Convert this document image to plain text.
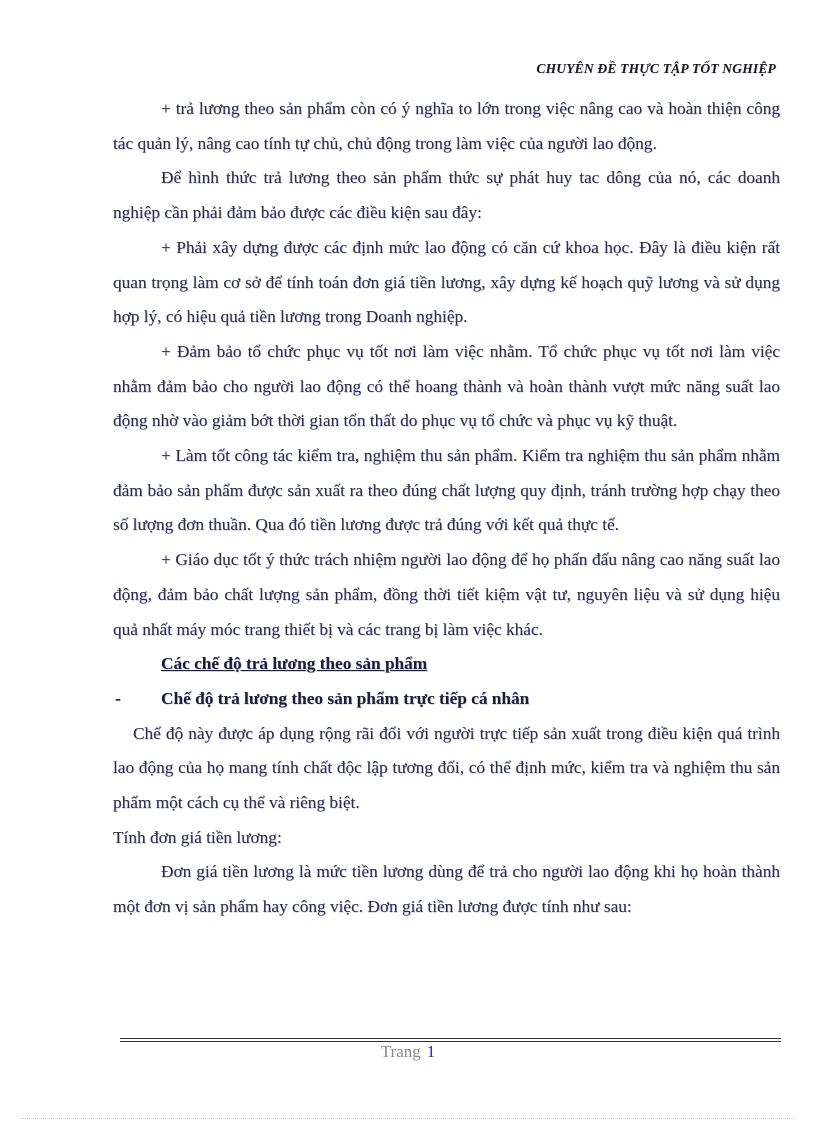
CHUYÊN ĐỀ THỰC TẬP TỐT NGHIỆP

+ trả lương theo sản phẩm còn có ý nghĩa to lớn trong việc nâng cao và hoàn thiện công tác quản lý, nâng cao tính tự chủ, chủ động trong làm việc của người lao động.

Để hình thức trả lương theo sản phẩm thức sự phát huy tac dông của nó, các doanh nghiệp cần phải đảm bảo được các điều kiện sau đây:

+ Phải xây dựng được các định mức lao động có căn cứ khoa học. Đây là điều kiện rất quan trọng làm cơ sở để tính toán đơn giá tiền lương, xây dựng kế hoạch quỹ lương và sử dụng hợp lý, có hiệu quả tiền lương trong Doanh nghiệp.

+ Đảm bảo tổ chức phục vụ tốt nơi làm việc nhằm. Tổ chức phục vụ tốt nơi làm việc nhằm đảm bảo cho người lao động có thể hoang thành và hoàn thành vượt mức năng suất lao động nhờ vào giảm bớt thời gian tổn thất do phục vụ tổ chức và phục vụ kỹ thuật.

+ Làm tốt công tác kiểm tra, nghiệm thu sản phẩm. Kiểm tra nghiệm thu sản phẩm nhằm đảm bảo sản phẩm được sản xuất ra theo đúng chất lượng quy định, tránh trường hợp chạy theo số lượng đơn thuần. Qua đó tiền lương được trả đúng với kết quả thực tế.

+ Giáo dục tốt ý thức trách nhiệm người lao động để họ phấn đấu nâng cao năng suất lao động, đảm bảo chất lượng sản phẩm, đồng thời tiết kiệm vật tư, nguyên liệu và sử dụng hiệu quả nhất máy móc trang thiết bị và các trang bị làm việc khác.

Các chế độ trả lương theo sản phẩm

-	Chế độ trả lương theo sản phẩm trực tiếp cá nhân

Chế độ này được áp dụng rộng rãi đối với người trực tiếp sản xuất trong điều kiện quá trình lao động của họ mang tính chất độc lập tương đối, có thể định mức, kiểm tra và nghiệm thu sản phẩm một cách cụ thể và riêng biệt.

Tính đơn giá tiền lương:

Đơn giá tiền lương là mức tiền lương dùng để trả cho người lao động khi họ hoàn thành một đơn vị sản phẩm hay công việc. Đơn giá tiền lương được tính như sau:

Trang 1
